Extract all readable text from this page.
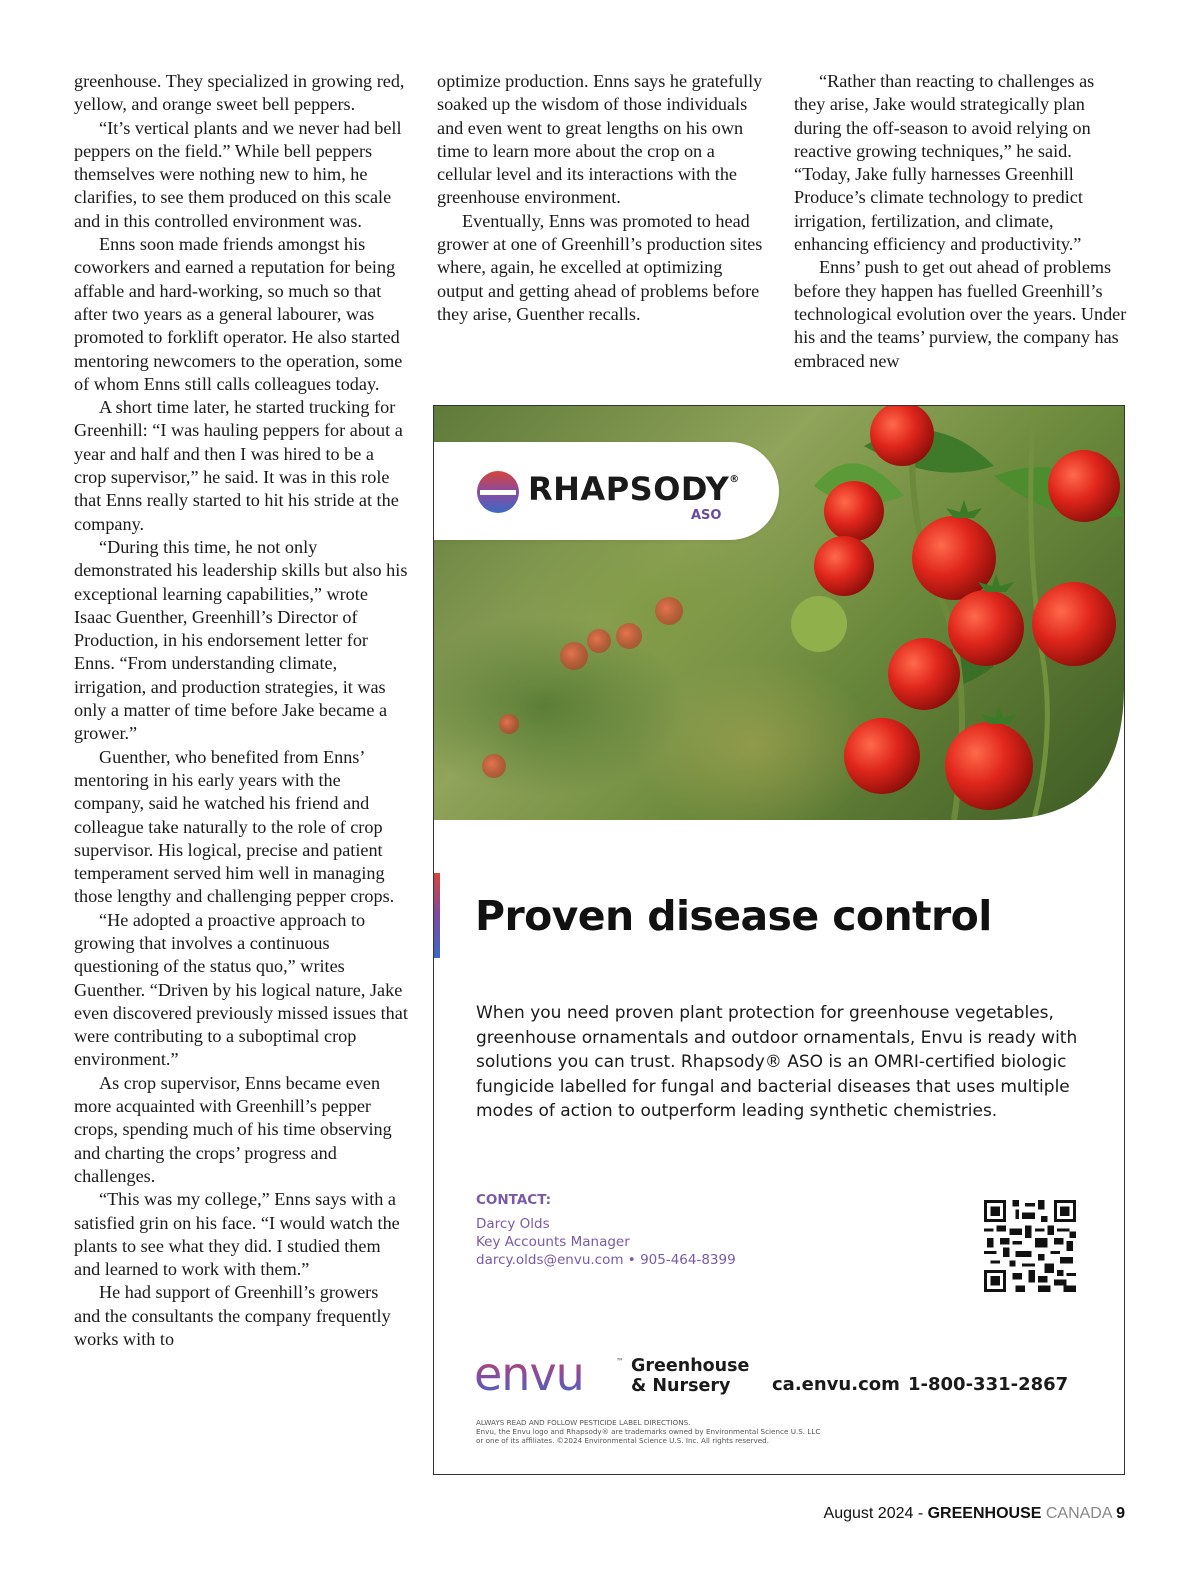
greenhouse. They specialized in growing red, yellow, and orange sweet bell peppers.

“It’s vertical plants and we never had bell peppers on the field.” While bell peppers themselves were nothing new to him, he clarifies, to see them produced on this scale and in this controlled environment was.

Enns soon made friends amongst his coworkers and earned a reputation for being affable and hard-working, so much so that after two years as a general labourer, was promoted to forklift operator. He also started mentoring newcomers to the operation, some of whom Enns still calls colleagues today.

A short time later, he started trucking for Greenhill: “I was hauling peppers for about a year and half and then I was hired to be a crop supervisor,” he said. It was in this role that Enns really started to hit his stride at the company.

“During this time, he not only demonstrated his leadership skills but also his exceptional learning capabilities,” wrote Isaac Guenther, Greenhill’s Director of Production, in his endorsement letter for Enns. “From understanding climate, irrigation, and production strategies, it was only a matter of time before Jake became a grower.”

Guenther, who benefited from Enns’ mentoring in his early years with the company, said he watched his friend and colleague take naturally to the role of crop supervisor. His logical, precise and patient temperament served him well in managing those lengthy and challenging pepper crops.

“He adopted a proactive approach to growing that involves a continuous questioning of the status quo,” writes Guenther. “Driven by his logical nature, Jake even discovered previously missed issues that were contributing to a suboptimal crop environment.”

As crop supervisor, Enns became even more acquainted with Greenhill’s pepper crops, spending much of his time observing and charting the crops’ progress and challenges.

“This was my college,” Enns says with a satisfied grin on his face. “I would watch the plants to see what they did. I studied them and learned to work with them.”

He had support of Greenhill’s growers and the consultants the company frequently works with to

optimize production. Enns says he gratefully soaked up the wisdom of those individuals and even went to great lengths on his own time to learn more about the crop on a cellular level and its interactions with the greenhouse environment.

Eventually, Enns was promoted to head grower at one of Greenhill’s production sites where, again, he excelled at optimizing output and getting ahead of problems before they arise, Guenther recalls.

“Rather than reacting to challenges as they arise, Jake would strategically plan during the off-season to avoid relying on reactive growing techniques,” he said. “Today, Jake fully harnesses Greenhill Produce’s climate technology to predict irrigation, fertilization, and climate, enhancing efficiency and productivity.”

Enns’ push to get out ahead of problems before they happen has fuelled Greenhill’s technological evolution over the years. Under his and the teams’ purview, the company has embraced new

RHAPSODY®
ASO
Proven disease control
When you need proven plant protection for greenhouse vegetables, greenhouse ornamentals and outdoor ornamentals, Envu is ready with solutions you can trust. Rhapsody® ASO is an OMRI-certified biologic fungicide labelled for fungal and bacterial diseases that uses multiple modes of action to outperform leading synthetic chemistries.
CONTACT:
Darcy Olds
Key Accounts Manager
darcy.olds@envu.com • 905-464-8399
envu	™ Greenhouse
& Nursery ca.envu.com 1-800-331-2867
ALWAYS READ AND FOLLOW PESTICIDE LABEL DIRECTIONS.
Envu, the Envu logo and Rhapsody® are trademarks owned by Environmental Science U.S. LLC
or one of its affiliates. ©2024 Environmental Science U.S. Inc. All rights reserved.
August 2024 - GREENHOUSE CANADA 9
